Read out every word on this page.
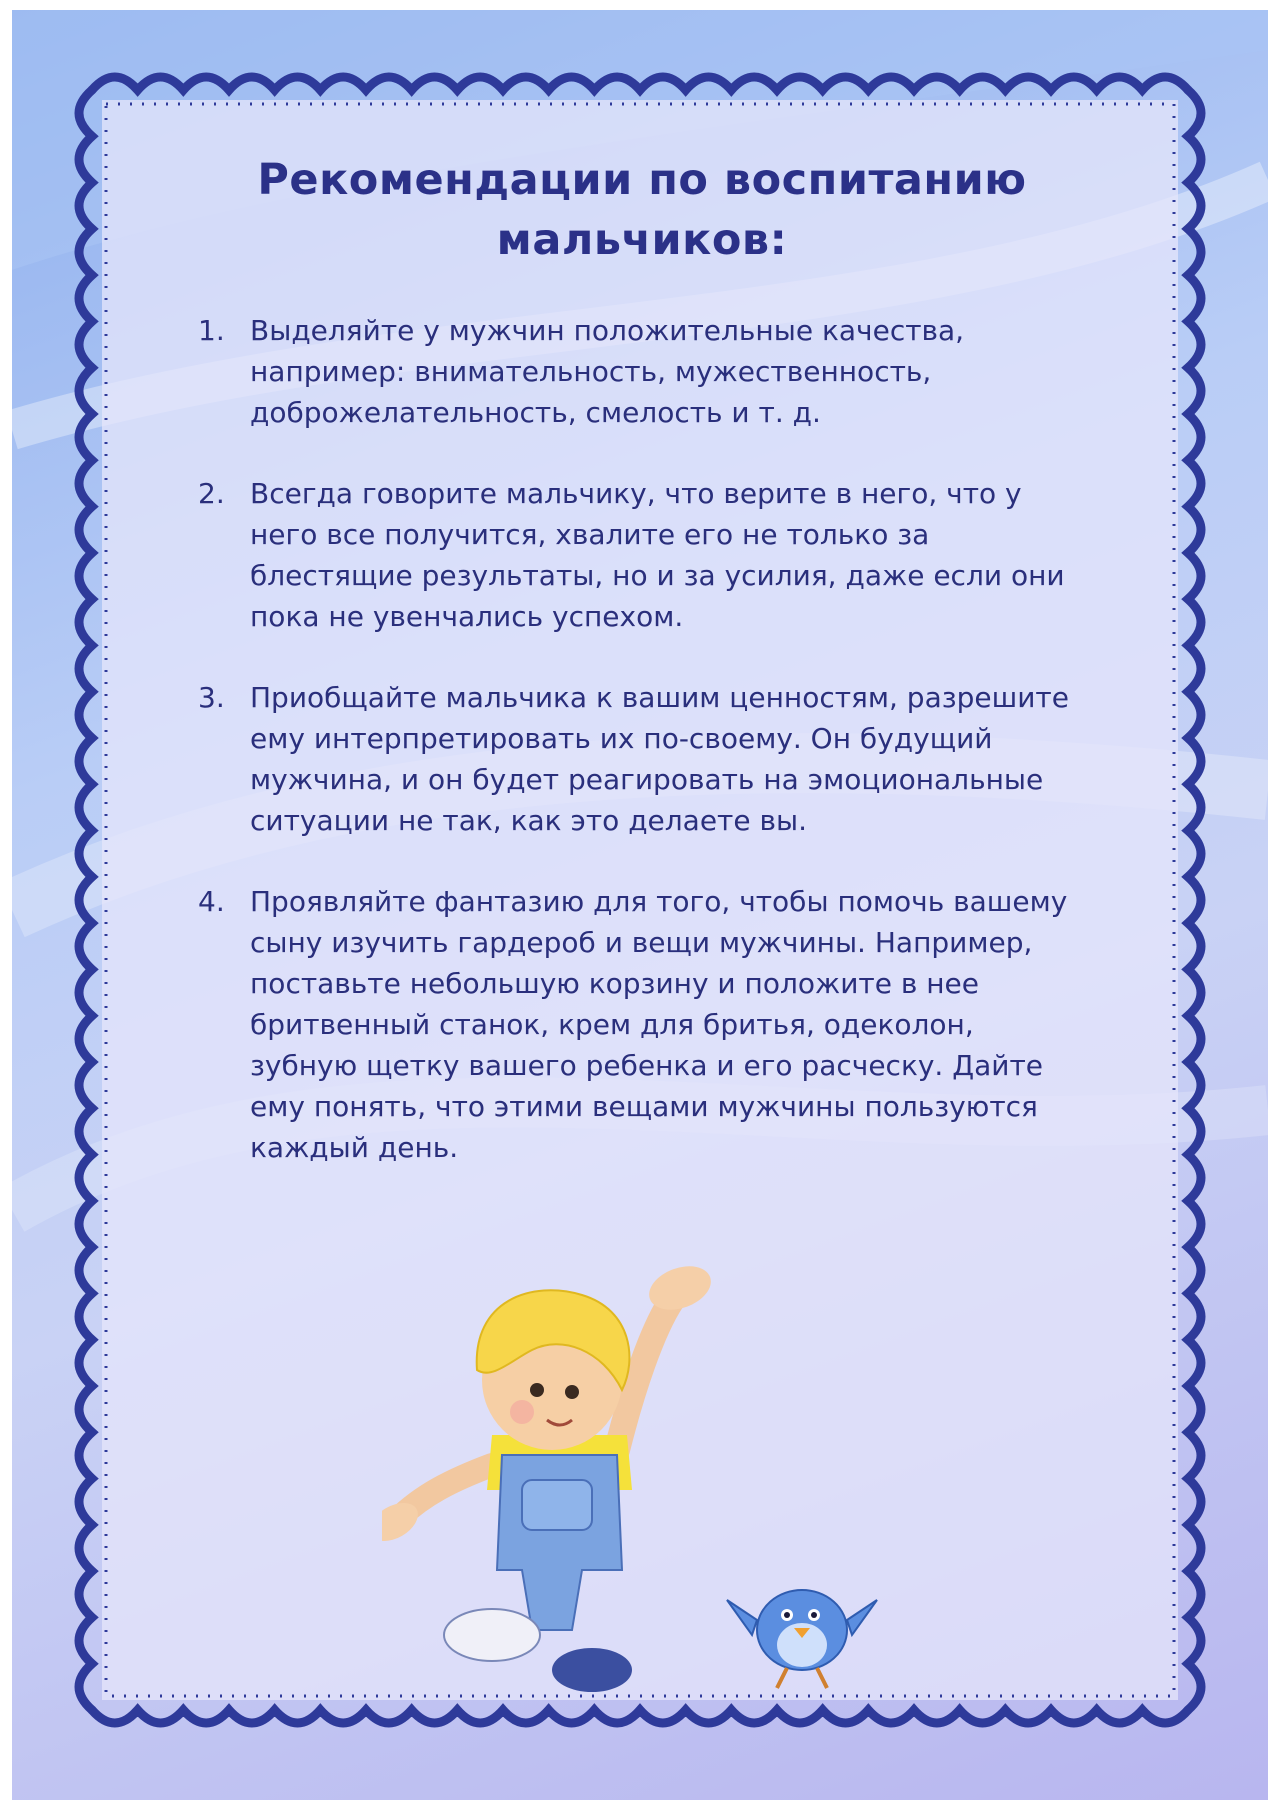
Рекомендации по воспитанию мальчиков:
1. Выделяйте у мужчин положительные качества, например: внимательность, мужественность, доброжелательность, смелость и т. д.
2. Всегда говорите мальчику, что верите в него, что у него все получится, хвалите его не только за блестящие результаты, но и за усилия, даже если они пока не увенчались успехом.
3. Приобщайте мальчика к вашим ценностям, разрешите ему интерпретировать их по-своему. Он будущий мужчина, и он будет реагировать на эмоциональные ситуации не так, как это делаете вы.
4. Проявляйте фантазию для того, чтобы помочь вашему сыну изучить гардероб и вещи мужчины. Например, поставьте небольшую корзину и положите в нее бритвенный станок, крем для бритья, одеколон, зубную щетку вашего ребенка и его расческу. Дайте ему понять, что этими вещами мужчины пользуются каждый день.
